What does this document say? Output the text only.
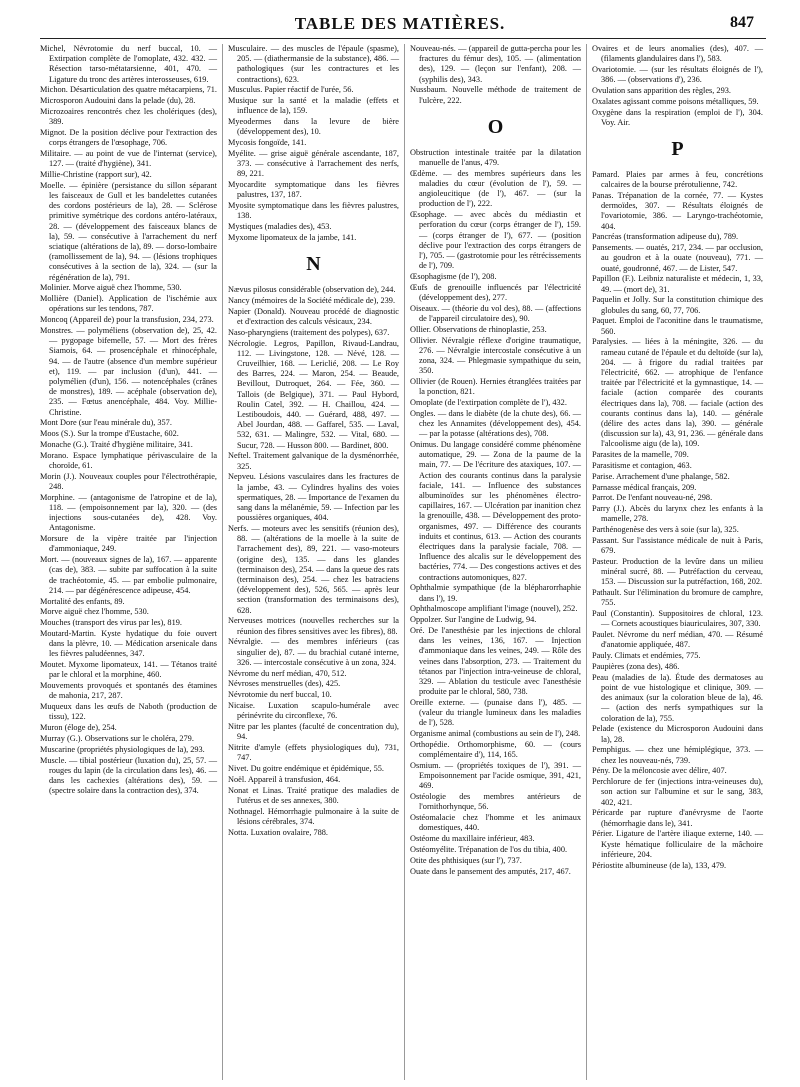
TABLE DES MATIÈRES.	847

Michel, Névrotomie du nerf buccal, 10. — Extirpation complète de l'omoplate, 432. 432. — Résection tarso-métatarsienne, 401, 470. — Ligature du tronc des artères interosseuses, 619.

Michon. Désarticulation des quatre métacarpiens, 71.

Microsporon Audouini dans la pelade (du), 28.

Microzoaires rencontrés chez les cholériques (des), 389.

Mignot. De la position déclive pour l'extraction des corps étrangers de l'œsophage, 706.

Militaire. — au point de vue de l'internat (service), 127. — (traité d'hygiène), 341.

Millie-Christine (rapport sur), 42.

Moelle. — épinière (persistance du sillon séparant les faisceaux de Gull et les bandelettes cutanées des cordons postérieurs de la), 28. — Sclérose primitive symétrique des cordons antéro-latéraux, 28. — (développement des faisceaux blancs de la), 59. — consécutive à l'arrachement du nerf sciatique (altérations de la), 89. — dorso-lombaire (ramollissement de la), 94. — (lésions trophiques consécutives à la section de la), 324. — (sur la régénération de la), 791.

Molinier. Morve aiguë chez l'homme, 530.

Mollière (Daniel). Application de l'ischémie aux opérations sur les tendons, 787.

Moncoq (Appareil de) pour la transfusion, 234, 273.

Monstres. — polyméliens (observation de), 25, 42. — pygopage bifemelle, 57. — Mort des frères Siamois, 64. — prosencéphale et rhinocéphale, 94. — de l'autre (absence d'un membre supérieur et), 119. — par inclusion (d'un), 441. — polymélien (d'un), 156. — notencéphales (crânes de monstres), 189. — acéphale (observation de), 235. — Fœtus anencéphale, 484. Voy. Millie-Christine.

Mont Dore (sur l'eau minérale du), 357.

Moos (S.). Sur la trompe d'Eustache, 602.

Monache (G.). Traité d'hygiène militaire, 341.

Morano. Espace lymphatique périvasculaire de la choroïde, 61.

Morin (J.). Nouveaux couples pour l'électrothérapie, 248.

Morphine. — (antagonisme de l'atropine et de la), 118. — (empoisonnement par la), 320. — (des injections sous-cutanées de), 428. Voy. Antagonisme.

Morsure de la vipère traitée par l'injection d'ammoniaque, 249.

Mort. — (nouveaux signes de la), 167. — apparente (cas de), 383. — subite par suffocation à la suite de trachéotomie, 45. — par embolie pulmonaire, 214. — par dégénérescence adipeuse, 454.

Mortalité des enfants, 89.

Morve aiguë chez l'homme, 530.

Mouches (transport des virus par les), 819.

Moutard-Martin. Kyste hydatique du foie ouvert dans la plèvre, 10. — Médication arsenicale dans les fièvres paludéennes, 347.

Moutet. Myxome lipomateux, 141. — Tétanos traité par le chloral et la morphine, 460.

Mouvements provoqués et spontanés des étamines de mahonia, 217, 287.

Muqueux dans les œufs de Naboth (production de tissu), 122.

Muron (éloge de), 254.

Murray (G.). Observations sur le choléra, 279.

Muscarine (propriétés physiologiques de la), 293.

Muscle. — tibial postérieur (luxation du), 25, 57. — rouges du lapin (de la circulation dans les), 46. — dans les cachexies (altérations des), 59. — (spectre solaire dans la contraction des), 374.

Musculaire. — des muscles de l'épaule (spasme), 205. — (diathermansie de la substance), 486. — pathologiques (sur les contractures et les contractions), 623.

Musculus. Papier réactif de l'urée, 56.

Musique sur la santé et la maladie (effets et influence de la), 159.

Myeodermes dans la levure de bière (développement des), 10.

Mycosis fongoïde, 141.

Myélite. — grise aiguë générale ascendante, 187, 373. — consécutive à l'arrachement des nerfs, 89, 221.

Myocardite symptomatique dans les fièvres palustres, 137, 187.

Myosite symptomatique dans les fièvres palustres, 138.

Mystiques (maladies des), 453.

Myxome lipomateux de la jambe, 141.

N

Nævus pilosus considérable (observation de), 244.

Nancy (mémoires de la Société médicale de), 239.

Napier (Donald). Nouveau procédé de diagnostic et d'extraction des calculs vésicaux, 234.

Naso-pharyngiens (traitement des polypes), 637.

Nécrologie. Legros, Papillon, Rivaud-Landrau, 112. — Livingstone, 128. — Névé, 128. — Cruveilhier, 168. — Lericlié, 208. — Le Roy des Barres, 224. — Maron, 254. — Beaude, Bevillout, Dutroquet, 264. — Fée, 360. — Tallois (de Belgique), 371. — Paul Hybord, Roulin Catel, 392. — H. Chaillou, 424. — Lestiboudois, 440. — Guérard, 488, 497. — Abel Jourdan, 488. — Gaffarel, 535. — Laval, 532, 631. — Malingre, 532. — Vital, 680. — Sucur, 728. — Husson 800. — Bardinet, 800.

Neftel. Traitement galvanique de la dysménorrhée, 325.

Nepveu. Lésions vasculaires dans les fractures de la jambe, 43. — Cylindres hyalins des voies spermatiques, 28. — Importance de l'examen du sang dans la mélanémie, 59. — Infection par les poussières organiques, 404.

Nerfs. — moteurs avec les sensitifs (réunion des), 88. — (altérations de la moelle à la suite de l'arrachement des), 89, 221. — vaso-moteurs (origine des), 135. — dans les glandes (terminaison des), 254. — dans la queue des rats (terminaison des), 254. — chez les batraciens (développement des), 526, 565. — après leur section (transformation des terminaisons des), 628.

Nerveuses motrices (nouvelles recherches sur la réunion des fibres sensitives avec les fibres), 88.

Névralgie. — des membres inférieurs (cas singulier de), 87. — du brachial cutané interne, 326. — intercostale consécutive à un zona, 324.

Névrome du nerf médian, 470, 512.

Névroses menstruelles (des), 425.

Névrotomie du nerf buccal, 10.

Nicaise. Luxation scapulo-humérale avec périnévrite du circonflexe, 76.

Nitre par les plantes (faculté de concentration du), 94.

Nitrite d'amyle (effets physiologiques du), 731, 747.

Nivet. Du goitre endémique et épidémique, 55.

Noël. Appareil à transfusion, 464.

Nonat et Linas. Traité pratique des maladies de l'utérus et de ses annexes, 380.

Nothnagel. Hémorrhagie pulmonaire à la suite de lésions cérébrales, 374.

Notta. Luxation ovalaire, 788.

Nouveau-nés. — (appareil de gutta-percha pour les fractures du fémur des), 105. — (alimentation des), 129. — (leçon sur l'enfant), 208. — (syphilis des), 343.

Nussbaum. Nouvelle méthode de traitement de l'ulcère, 222.

O

Obstruction intestinale traitée par la dilatation manuelle de l'anus, 479.

Œdème. — des membres supérieurs dans les maladies du cœur (évolution de l'), 59. — angioleucitique (de l'), 467. — (sur la production de l'), 222.

Œsophage. — avec abcès du médiastin et perforation du cœur (corps étranger de l'), 159. — (corps étranger de l'), 677. — (position déclive pour l'extraction des corps étrangers de l'), 705. — (gastrotomie pour les rétrécissements de l'), 709.

Œsophagisme (de l'), 208.

Œufs de grenouille influencés par l'électricité (développement des), 277.

Oiseaux. — (théorie du vol des), 88. — (affections de l'appareil circulatoire des), 90.

Ollier. Observations de rhinoplastie, 253.

Ollivier. Névralgie réflexe d'origine traumatique, 276. — Névralgie intercostale consécutive à un zona, 324. — Phlegmasie sympathique du sein, 350.

Ollivier (de Rouen). Hernies étranglées traitées par la ponction, 821.

Omoplate (de l'extirpation complète de l'), 432.

Ongles. — dans le diabète (de la chute des), 66. — chez les Annamites (développement des), 454. — par la potasse (altérations des), 708.

Onimus. Du langage considéré comme phénomène automatique, 29. — Zona de la paume de la main, 77. — De l'écriture des ataxiques, 107. — Action des courants continus dans la paralysie faciale, 141. — Influence des substances albuminoïdes sur les phénomènes électro-capillaires, 167. — Ulcération par inanition chez la grenouille, 438. — Développement des proto-organismes, 497. — Différence des courants induits et continus, 613. — Action des courants électriques dans la paralysie faciale, 708. — Influence des alcalis sur le développement des bactéries, 774. — Des congestions actives et des contractions automoniques, 827.

Ophthalmie sympathique (de la blépharorrhaphie dans l'), 19.

Ophthalmoscope amplifiant l'image (nouvel), 252.

Oppolzer. Sur l'angine de Ludwig, 94.

Oré. De l'anesthésie par les injections de chloral dans les veines, 136, 167. — Injection d'ammoniaque dans les veines, 249. — Rôle des veines dans l'absorption, 273. — Traitement du tétanos par l'injection intra-veineuse de chloral, 329. — Ablation du testicule avec l'anesthésie produite par le chloral, 580, 738.

Oreille externe. — (punaise dans l'), 485. — (valeur du triangle lumineux dans les maladies de l'), 528.

Organisme animal (combustions au sein de l'), 248.

Orthopédie. Orthomorphisme, 60. — (cours complémentaire d'), 114, 165.

Osmium. — (propriétés toxiques de l'), 391. — Empoisonnement par l'acide osmique, 391, 421, 469.

Ostéologie des membres antérieurs de l'ornithorhynque, 56.

Ostéomalacie chez l'homme et les animaux domestiques, 440.

Ostéome du maxillaire inférieur, 483.

Ostéomyélite. Trépanation de l'os du tibia, 400.

Otite des phthisiques (sur l'), 737.

Ouate dans le pansement des amputés, 217, 467.

Ovaires et de leurs anomalies (des), 407. — (filaments glandulaires dans l'), 583.

Ovariotomie. — (sur les résultats éloignés de l'), 386. — (observations d'), 236.

Ovulation sans apparition des règles, 293.

Oxalates agissant comme poisons métalliques, 59.

Oxygène dans la respiration (emploi de l'), 304. Voy. Air.

P

Pamard. Plaies par armes à feu, concrétions calcaires de la bourse prérotulienne, 742.

Panas. Trépanation de la cornée, 77. — Kystes dermoïdes, 307. — Résultats éloignés de l'ovariotomie, 386. — Laryngo-trachéotomie, 404.

Pancréas (transformation adipeuse du), 789.

Pansements. — ouatés, 217, 234. — par occlusion, au goudron et à la ouate (nouveau), 771. — ouaté, goudronné, 467. — de Lister, 547.

Papillon (F.). Leibniz naturaliste et médecin, 1, 33, 49. — (mort de), 31.

Paquelin et Jolly. Sur la constitution chimique des globules du sang, 60, 77, 706.

Paquet. Emploi de l'aconitine dans le traumatisme, 560.

Paralysies. — liées à la méningite, 326. — du rameau cutané de l'épaule et du deltoïde (sur la), 204. — à frigore du radial traitées par l'électricité, 662. — atrophique de l'enfance traitée par l'électricité et la gymnastique, 14. — faciale (action comparée des courants électriques dans la), 708. — faciale (action des courants continus dans la), 140. — générale (délire des actes dans la), 390. — générale (discussion sur la), 43, 91, 236. — générale dans l'alcoolisme aigu (de la), 109.

Parasites de la mamelle, 709.

Parasitisme et contagion, 463.

Parise. Arrachement d'une phalange, 582.

Parnasse médical français, 209.

Parrot. De l'enfant nouveau-né, 298.

Parry (J.). Abcès du larynx chez les enfants à la mamelle, 278.

Parthénogenèse des vers à soie (sur la), 325.

Passant. Sur l'assistance médicale de nuit à Paris, 679.

Pasteur. Production de la levûre dans un milieu minéral sucré, 88. — Putréfaction du cerveau, 153. — Discussion sur la putréfaction, 168, 202.

Pathault. Sur l'élimination du bromure de camphre, 755.

Paul (Constantin). Suppositoires de chloral, 123. — Cornets acoustiques biauriculaires, 307, 330.

Paulet. Névrome du nerf médian, 470. — Résumé d'anatomie appliquée, 487.

Pauly. Climats et endémies, 775.

Paupières (zona des), 486.

Peau (maladies de la). Étude des dermatoses au point de vue histologique et clinique, 309. — des animaux (sur la coloration bleue de la), 46. — (action des nerfs sympathiques sur la coloration de la), 755.

Pelade (existence du Microsporon Audouini dans la), 28.

Pemphigus. — chez une hémiplégique, 373. — chez les nouveau-nés, 739.

Pény. De la méloncosie avec délire, 407.

Perchlorure de fer (injections intra-veineuses du), son action sur l'albumine et sur le sang, 383, 402, 421.

Péricarde par rupture d'anévrysme de l'aorte (hémorrhagie dans le), 341.

Périer. Ligature de l'artère iliaque externe, 140. — Kyste hématique folliculaire de la mâchoire inférieure, 204.

Périostite albumineuse (de la), 133, 479.
